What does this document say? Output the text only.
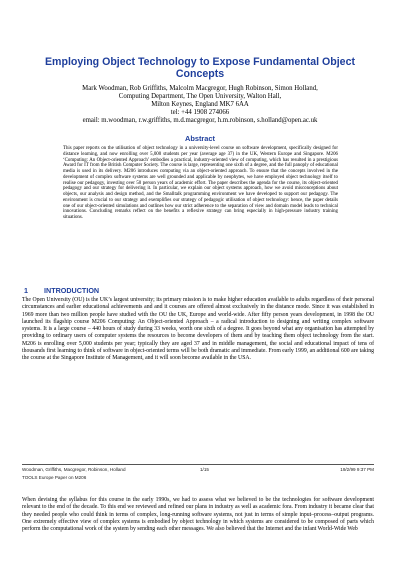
Employing Object Technology to Expose Fundamental Object Concepts
Mark Woodman, Rob Griffiths, Malcolm Macgregor, Hugh Robinson, Simon Holland,
Computing Department, The Open University, Walton Hall,
Milton Keynes, England MK7 6AA
tel: +44 1908 274066
email: m.woodman, r.w.griffiths, m.d.macgregor, h.m.robinson, s.holland@open.ac.uk
Abstract

This paper reports on the utilisation of object technology in a university-level course on software development, specifically designed for distance learning, and now enrolling over 5,000 students per year (average age 37) in the UK, Western Europe and Singapore. M206 ‘Computing: An Object-oriented Approach’ embodies a practical, industry-oriented view of computing, which has resulted in a prestigious Award for IT from the British Computer Society. The course is large, representing one sixth of a degree, and the full panoply of educational media is used in its delivery. M206 introduces computing via an object-oriented approach. To ensure that the concepts involved in the development of complex software systems are well grounded and applicable by neophytes, we have employed object technology itself to realise our pedagogy, investing over 50 person years of academic effort. The paper describes the agenda for the course, its object-oriented pedagogy and our strategy for delivering it. In particular, we explain our object systems approach, how we avoid misconceptions about objects, our analysis and design method, and the Smalltalk programming environment we have developed to support our pedagogy. The environment is crucial to our strategy and exemplifies our strategy of pedagogic utilisation of object technology: hence, the paper details one of our object-oriented simulations and outlines how our strict adherence to the separation of view and domain model leads to technical innovations. Concluding remarks reflect on the benefits a reflexive strategy can bring especially in high-pressure industry training situations.

1 INTRODUCTION

The Open University (OU) is the UK’s largest university; its primary mission is to make higher education available to adults regardless of their personal circumstances and earlier educational achievements and and it courses are offered almost exclusively in the distance mode. Since it was established in 1969 more than two million people have studied with the OU the UK, Europe and world-wide. After fifty person years development, in 1998 the OU launched its flagship course M206 Computing: An Object-oriented Approach – a radical introduction to designing and writing complex software systems. It is a large course – 440 hours of study during 33 weeks, worth one sixth of a degree. It goes beyond what any organisation has attempted by providing to ordinary users of computer systems the resources to become developers of them and by teaching them object technology from the start. M206 is enrolling over 5,000 students per year; typically they are aged 37 and in middle management, the social and educational impact of tens of thousands first learning to think of software in object-oriented terms will be both dramatic and immediate. From early 1999, an additional 600 are taking the course at the Singapore Institute of Management, and it will soon become available in the USA.

Woodman, Griffiths, Macgregor, Robinson, Holland	1/15	19/2/99 9:37 PM
TOOLS Europe Paper on M206

When devising the syllabus for this course in the early 1990s, we had to assess what we believed to be the technologies for software development relevant to the end of the decade. To this end we reviewed and refined our plans in industry as well as academic fora. From industry it became clear that they needed people who could think in terms of complex, long-running software systems, not just in terms of simple input–process–output programs. One extremely effective view of complex systems is embodied by object technology in which systems are considered to be composed of parts which perform the computational work of the system by sending each other messages. We also believed that the Internet and the infant World-Wide Web
